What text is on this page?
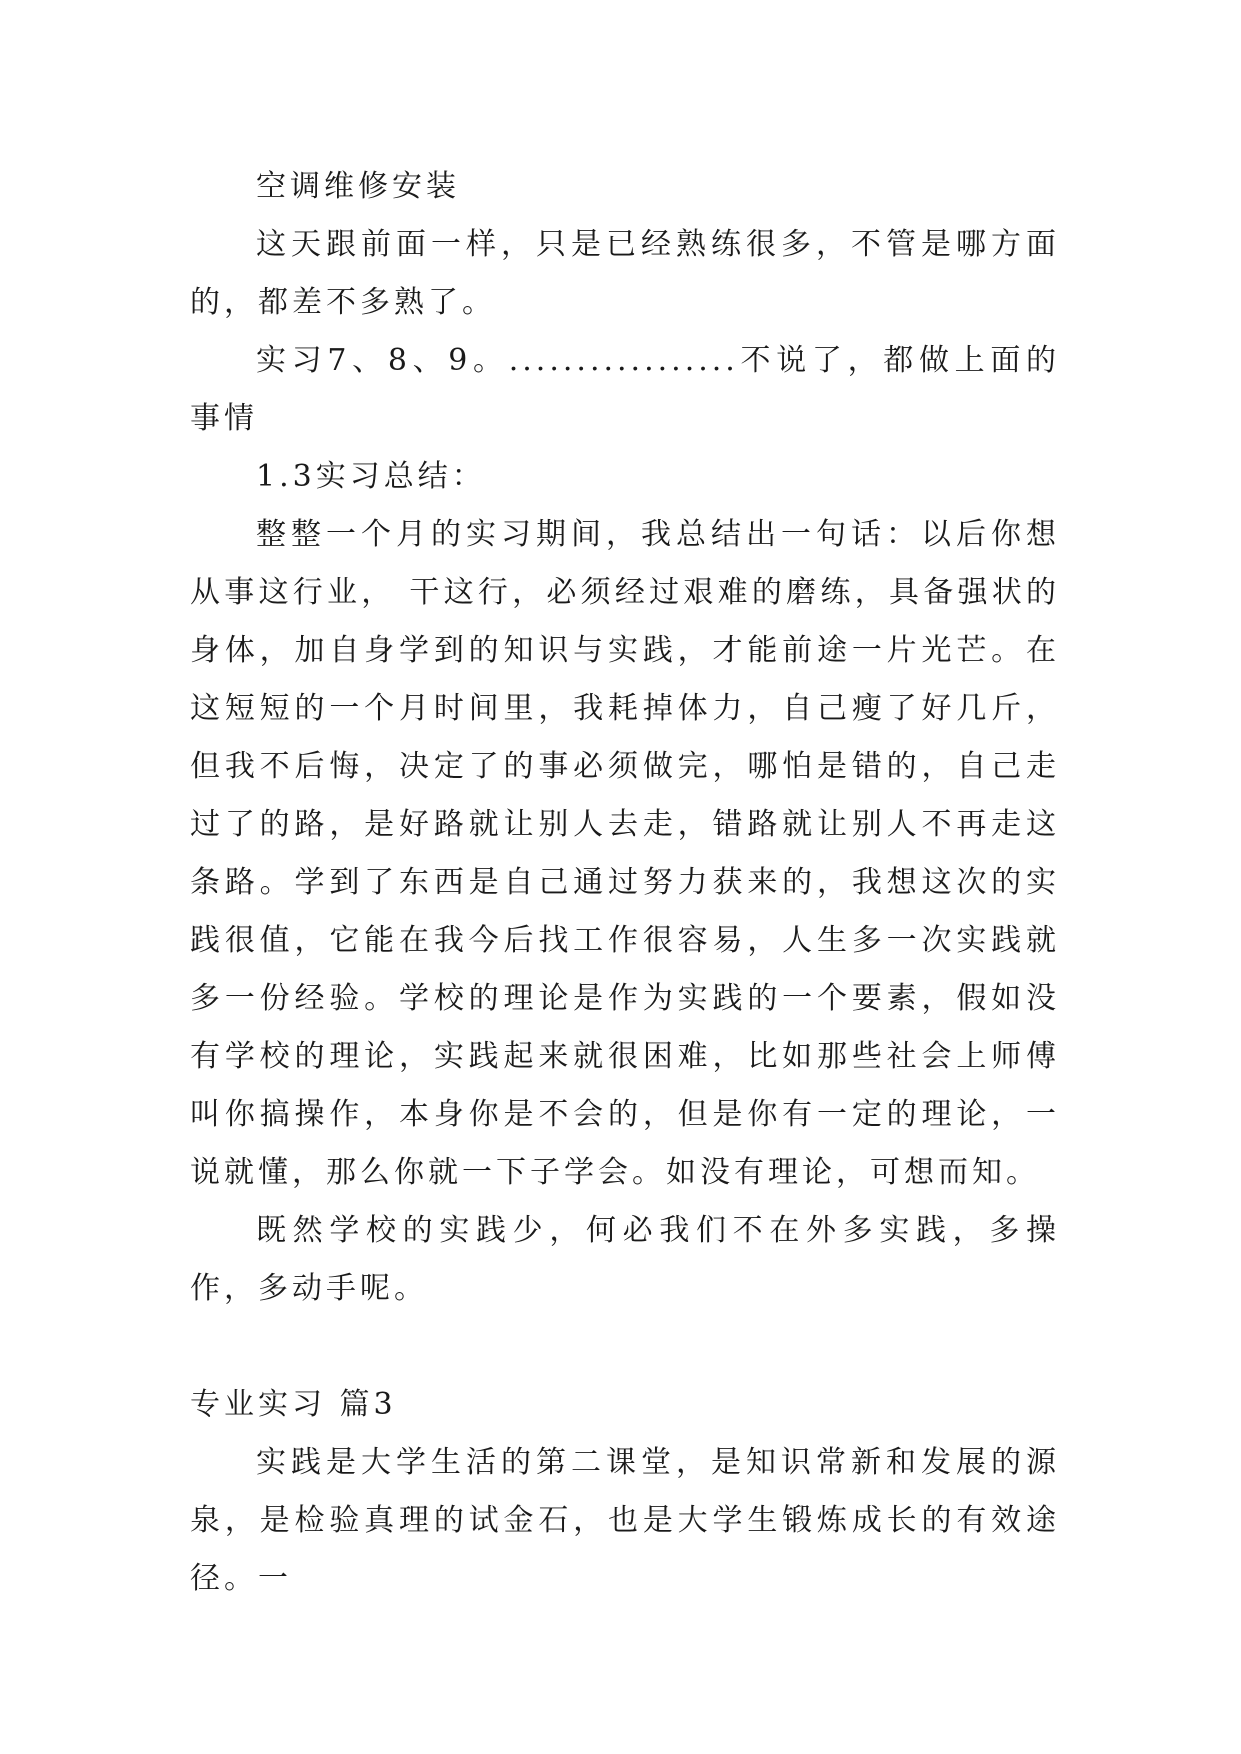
空调维修安装

这天跟前面一样，只是已经熟练很多，不管是哪方面的，都差不多熟了。

实习7、8、9。.................不说了，都做上面的事情

1.3实习总结：

整整一个月的实习期间，我总结出一句话：以后你想从事这行业， 干这行，必须经过艰难的磨练，具备强状的身体，加自身学到的知识与实践，才能前途一片光芒。在这短短的一个月时间里，我耗掉体力，自己瘦了好几斤，但我不后悔，决定了的事必须做完，哪怕是错的，自己走过了的路，是好路就让别人去走，错路就让别人不再走这条路。学到了东西是自己通过努力获来的，我想这次的实践很值，它能在我今后找工作很容易，人生多一次实践就多一份经验。学校的理论是作为实践的一个要素，假如没有学校的理论，实践起来就很困难，比如那些社会上师傅叫你搞操作，本身你是不会的，但是你有一定的理论，一说就懂，那么你就一下子学会。如没有理论，可想而知。

既然学校的实践少，何必我们不在外多实践，多操作，多动手呢。

专业实习 篇3

实践是大学生活的第二课堂，是知识常新和发展的源泉，是检验真理的试金石，也是大学生锻炼成长的有效途径。一
